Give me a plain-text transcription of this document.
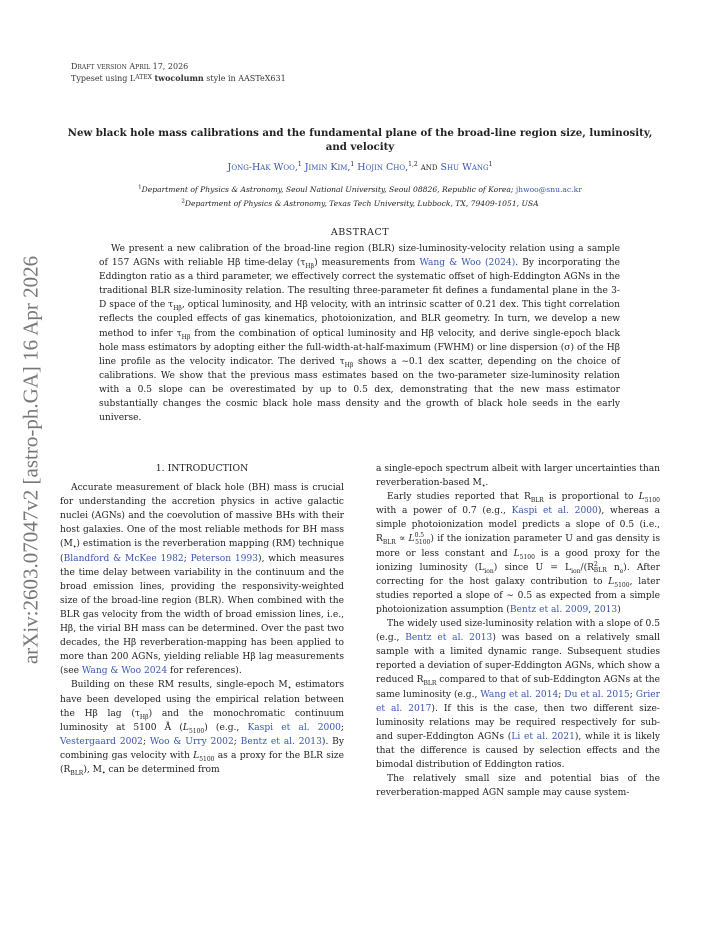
arXiv:2603.07047v2 [astro-ph.GA] 16 Apr 2026
Draft version April 17, 2026
Typeset using $L^{ATEX}$ twocolumn style in AASTeX631
New black hole mass calibrations and the fundamental plane of the broad-line region size, luminosity, and velocity
Jong-Hak Woo,$^1$ Jimin Kim,$^1$ Hojin Cho,$^{1,2}$ and Shu Wang$^1$
$^1$Department of Physics & Astronomy, Seoul National University, Seoul 08826, Republic of Korea; jhwoo@snu.ac.kr
$^2$Department of Physics & Astronomy, Texas Tech University, Lubbock, TX, 79409-1051, USA
ABSTRACT
We present a new calibration of the broad-line region (BLR) size-luminosity-velocity relation using a sample of 157 AGNs with reliable Hβ time-delay $(\tau_{H\beta})$ measurements from Wang & Woo (2024). By incorporating the Eddington ratio as a third parameter, we effectively correct the systematic offset of high-Eddington AGNs in the traditional BLR size-luminosity relation. The resulting three-parameter fit defines a fundamental plane in the 3-D space of the $\tau_{H\beta}$, optical luminosity, and Hβ velocity, with an intrinsic scatter of 0.21 dex. This tight correlation reflects the coupled effects of gas kinematics, photoionization, and BLR geometry. In turn, we develop a new method to infer $\tau_{H\beta}$ from the combination of optical luminosity and Hβ velocity, and derive single-epoch black hole mass estimators by adopting either the full-width-at-half-maximum (FWHM) or line dispersion (σ) of the Hβ line profile as the velocity indicator. The derived $\tau_{H\beta}$ shows a ∼0.1 dex scatter, depending on the choice of calibrations. We show that the previous mass estimates based on the two-parameter size-luminosity relation with a 0.5 slope can be overestimated by up to 0.5 dex, demonstrating that the new mass estimator substantially changes the cosmic black hole mass density and the growth of black hole seeds in the early universe.
1. INTRODUCTION

Accurate measurement of black hole (BH) mass is crucial for understanding the accretion physics in active galactic nuclei (AGNs) and the coevolution of massive BHs with their host galaxies. One of the most reliable methods for BH mass $(M_•)$ estimation is the reverberation mapping (RM) technique (Blandford & McKee 1982; Peterson 1993), which measures the time delay between variability in the continuum and the broad emission lines, providing the responsivity-weighted size of the broad-line region (BLR). When combined with the BLR gas velocity from the width of broad emission lines, i.e., Hβ, the virial BH mass can be determined. Over the past two decades, the Hβ reverberation-mapping has been applied to more than 200 AGNs, yielding reliable Hβ lag measurements (see Wang & Woo 2024 for references).

Building on these RM results, single-epoch $M_•$ estimators have been developed using the empirical relation between the Hβ lag $(\tau_{H\beta})$ and the monochromatic continuum luminosity at 5100 Å $(L_{5100})$ (e.g., Kaspi et al. 2000; Vestergaard 2002; Woo & Urry 2002; Bentz et al. 2013). By combining gas velocity with $L_{5100}$ as a proxy for the BLR size $(R_{BLR})$, $M_•$ can be determined from

a single-epoch spectrum albeit with larger uncertainties than reverberation-based $M_•$.

Early studies reported that $R_{BLR}$ is proportional to $L_{5100}$ with a power of 0.7 (e.g., Kaspi et al. 2000), whereas a simple photoionization model predicts a slope of 0.5 (i.e., $R_{BLR} \propto L^{0.5}_{5100}$) if the ionization parameter U and gas density is more or less constant and $L_{5100}$ is a good proxy for the ionizing luminosity $(L_{ion})$ since $U = L_{ion}/(R^2_{BLR}$ $n_e$). After correcting for the host galaxy contribution to $L_{5100}$, later studies reported a slope of ∼ 0.5 as expected from a simple photoionization assumption (Bentz et al. 2009, 2013)

The widely used size-luminosity relation with a slope of 0.5 (e.g., Bentz et al. 2013) was based on a relatively small sample with a limited dynamic range. Subsequent studies reported a deviation of super-Eddington AGNs, which show a reduced $R_{BLR}$ compared to that of sub-Eddington AGNs at the same luminosity (e.g., Wang et al. 2014; Du et al. 2015; Grier et al. 2017). If this is the case, then two different size-luminosity relations may be required respectively for sub- and super-Eddington AGNs (Li et al. 2021), while it is likely that the difference is caused by selection effects and the bimodal distribution of Eddington ratios.

The relatively small size and potential bias of the reverberation-mapped AGN sample may cause system-
